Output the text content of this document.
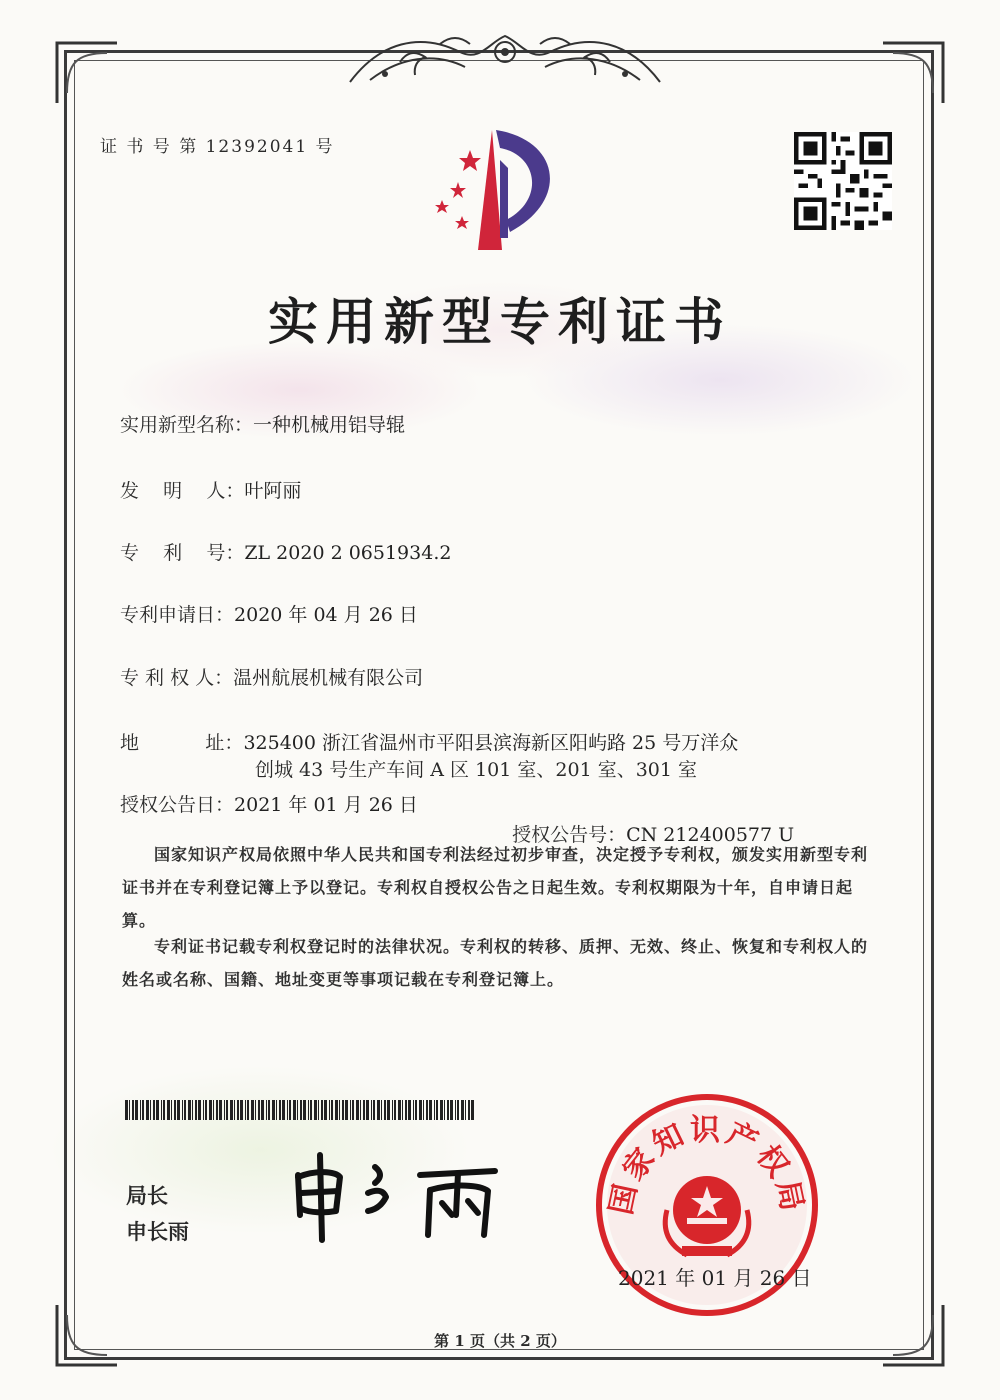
证 书 号 第 12392041 号
实用新型专利证书
实用新型名称：一种机械用铝导辊
发    明    人：叶阿丽
专    利    号：ZL 2020 2 0651934.2
专利申请日：2020 年 04 月 26 日
专 利 权 人：温州航展机械有限公司
地           址：325400 浙江省温州市平阳县滨海新区阳屿路 25 号万洋众
创城 43 号生产车间 A 区 101 室、201 室、301 室
授权公告日：2021 年 01 月 26 日

授权公告号：CN 212400577 U

国家知识产权局依照中华人民共和国专利法经过初步审查，决定授予专利权，颁发实用新型专利证书并在专利登记簿上予以登记。专利权自授权公告之日起生效。专利权期限为十年，自申请日起算。
专利证书记载专利权登记时的法律状况。专利权的转移、质押、无效、终止、恢复和专利权人的姓名或名称、国籍、地址变更等事项记载在专利登记簿上。
局长
申长雨
国家知识产权局
2021 年 01 月 26 日
第 1 页（共 2 页）
